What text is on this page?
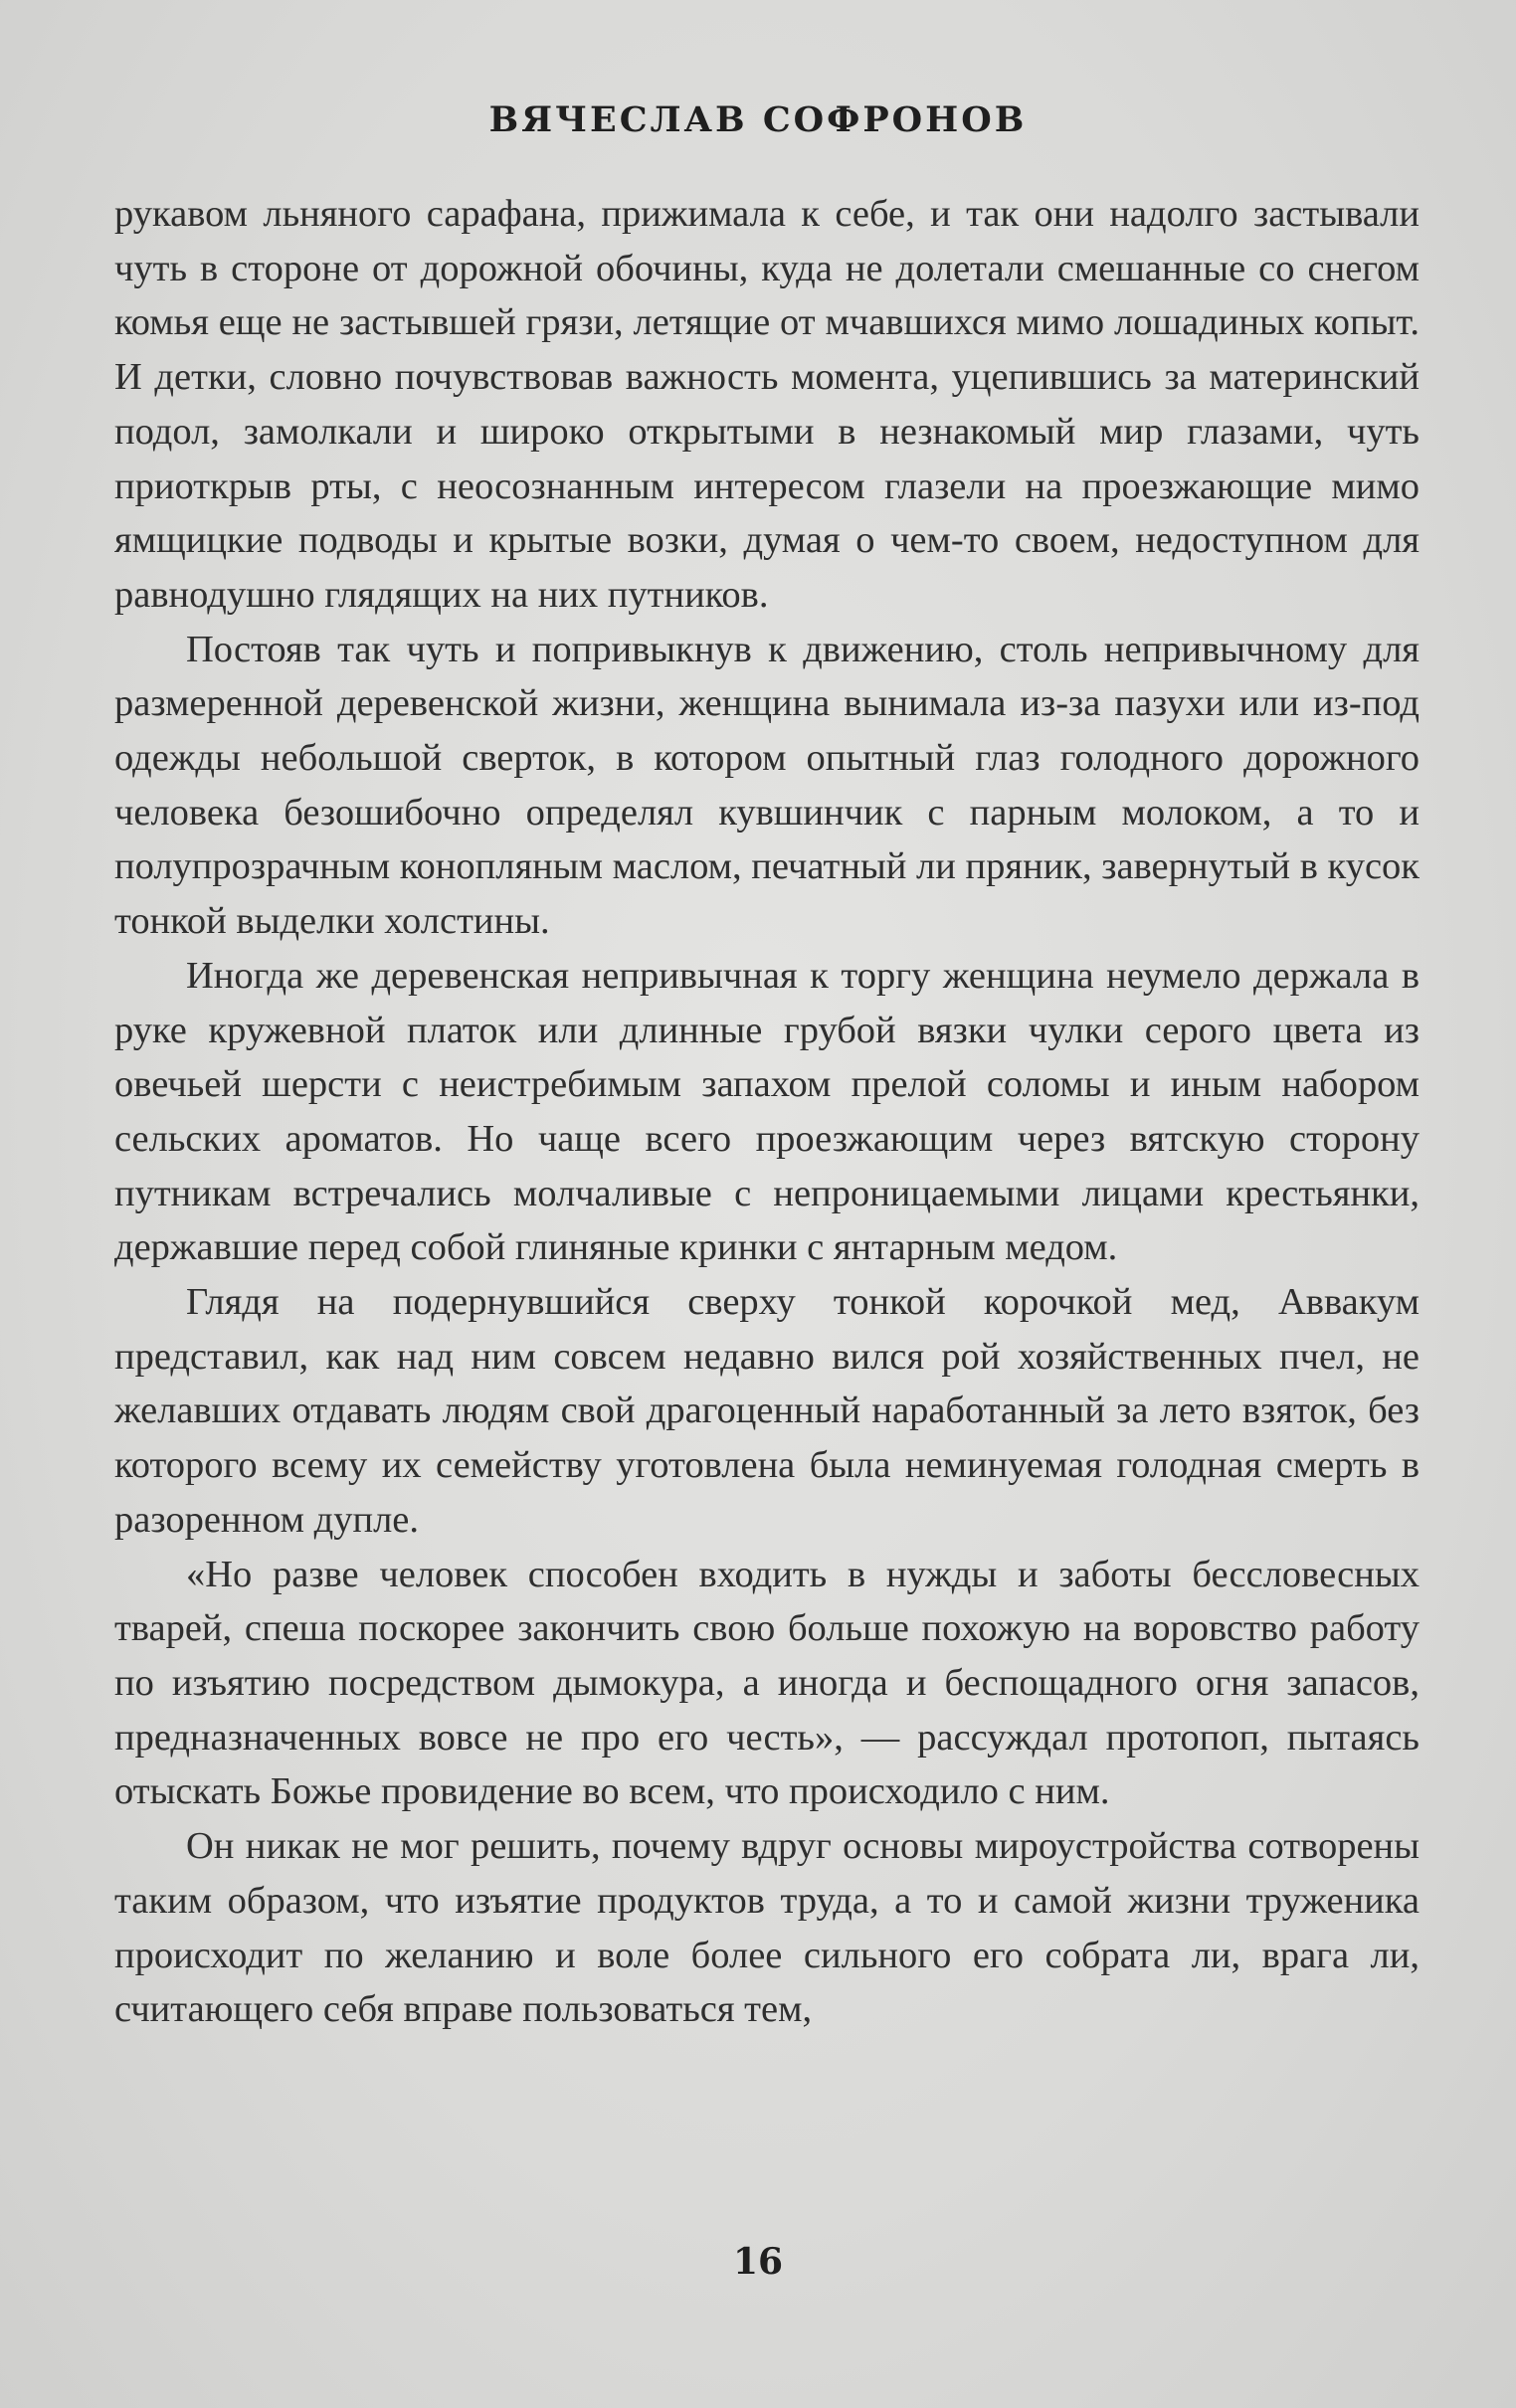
ВЯЧЕСЛАВ СОФРОНОВ

рукавом льняного сарафана, прижимала к себе, и так они надолго застывали чуть в стороне от дорожной обочины, куда не долетали смешанные со снегом комья еще не застывшей грязи, летящие от мчавшихся мимо лошадиных копыт. И детки, словно почувствовав важность момента, уцепившись за материнский подол, замолкали и широко открытыми в незнакомый мир глазами, чуть приоткрыв рты, с неосознанным интересом глазели на проезжающие мимо ямщицкие подводы и крытые возки, думая о чем-то своем, недоступном для равнодушно глядящих на них путников.

Постояв так чуть и попривыкнув к движению, столь непривычному для размеренной деревенской жизни, женщина вынимала из-за пазухи или из-под одежды небольшой сверток, в котором опытный глаз голодного дорожного человека безошибочно определял кувшинчик с парным молоком, а то и полупрозрачным конопляным маслом, печатный ли пряник, завернутый в кусок тонкой выделки холстины.

Иногда же деревенская непривычная к торгу женщина неумело держала в руке кружевной платок или длинные грубой вязки чулки серого цвета из овечьей шерсти с неистребимым запахом прелой соломы и иным набором сельских ароматов. Но чаще всего проезжающим через вятскую сторону путникам встречались молчаливые с непроницаемыми лицами крестьянки, державшие перед собой глиняные кринки с янтарным медом.

Глядя на подернувшийся сверху тонкой корочкой мед, Аввакум представил, как над ним совсем недавно вился рой хозяйственных пчел, не желавших отдавать людям свой драгоценный наработанный за лето взяток, без которого всему их семейству уготовлена была неминуемая голодная смерть в разоренном дупле.

«Но разве человек способен входить в нужды и заботы бессловесных тварей, спеша поскорее закончить свою больше похожую на воровство работу по изъятию посредством дымокура, а иногда и беспощадного огня запасов, предназначенных вовсе не про его честь», — рассуждал протопоп, пытаясь отыскать Божье провидение во всем, что происходило с ним.

Он никак не мог решить, почему вдруг основы мироустройства сотворены таким образом, что изъятие продуктов труда, а то и самой жизни труженика происходит по желанию и воле более сильного его собрата ли, врага ли, считающего себя вправе пользоваться тем,

16
